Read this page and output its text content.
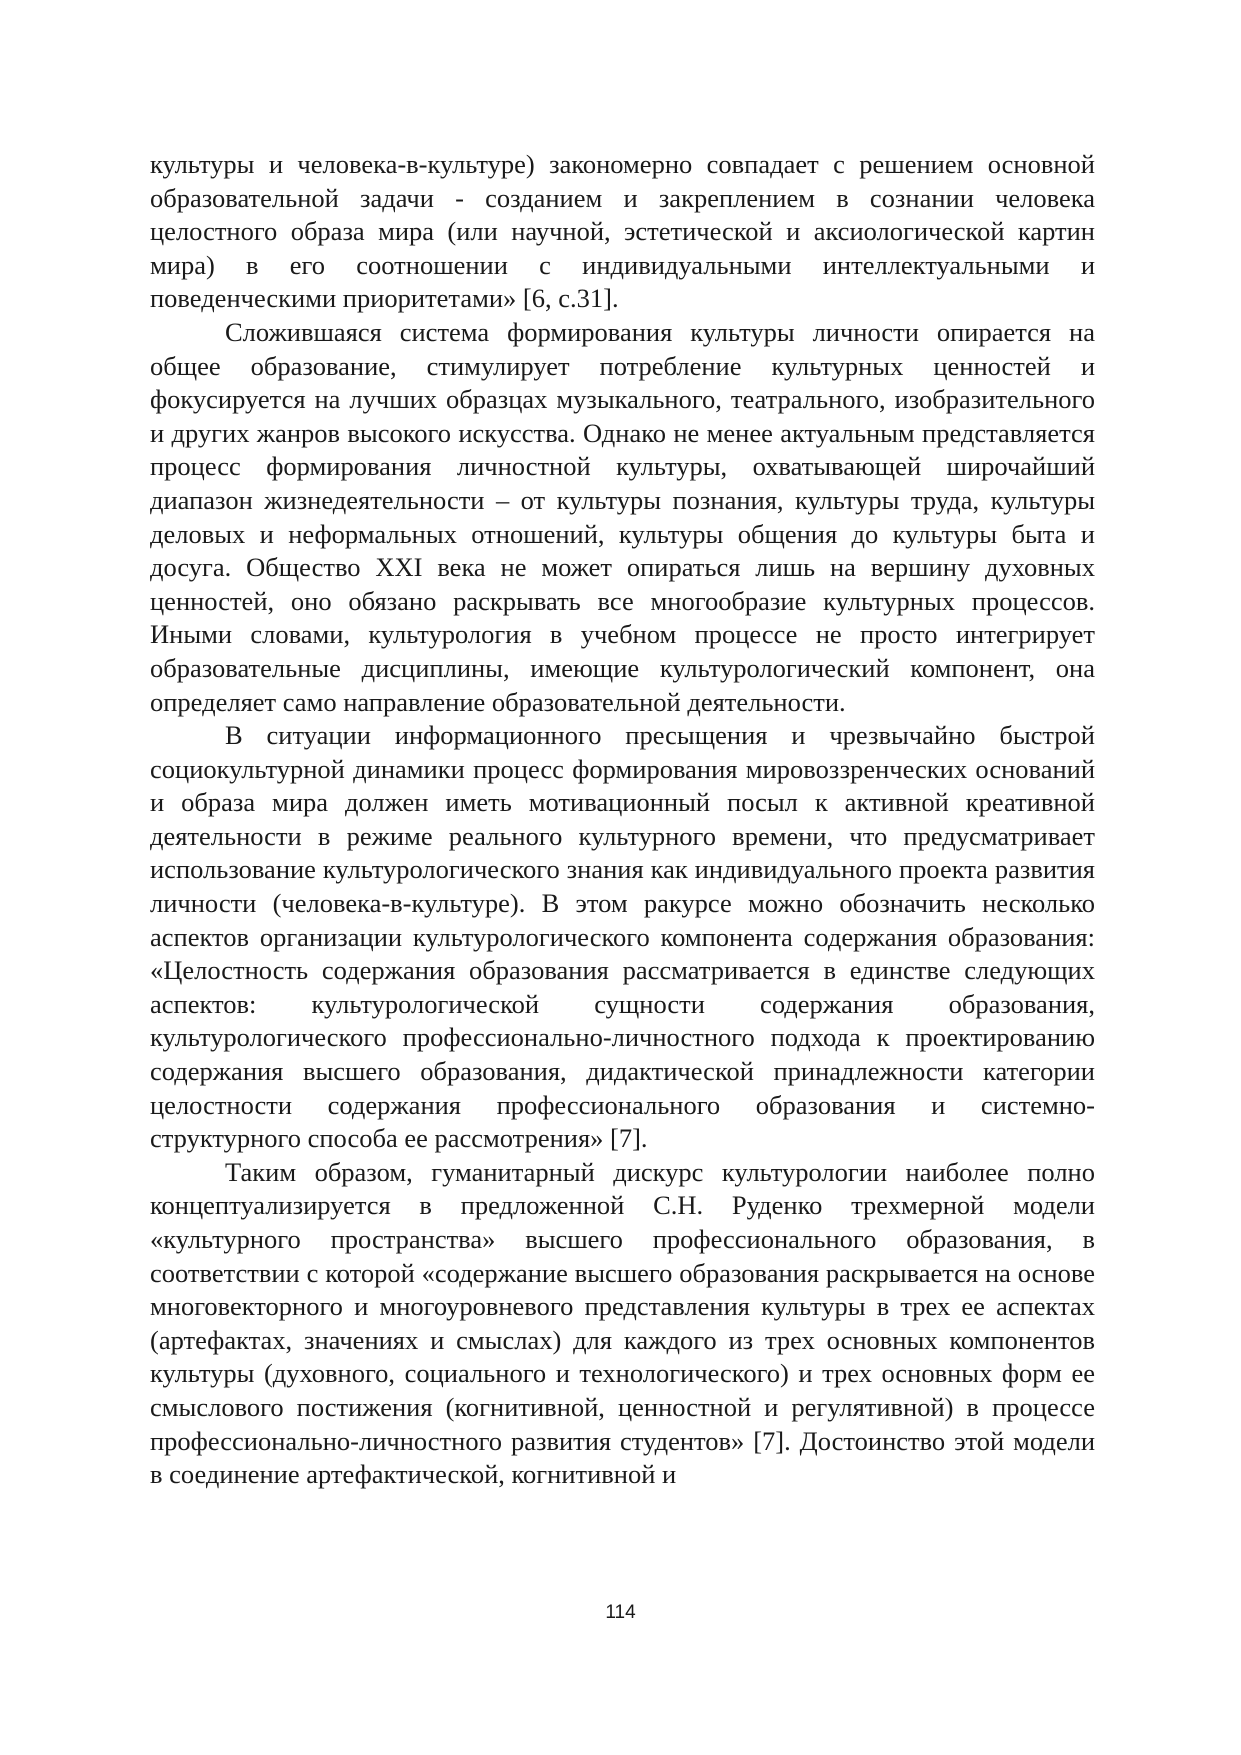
культуры и человека-в-культуре) закономерно совпадает с решением основной образовательной задачи - созданием и закреплением в сознании человека целостного образа мира (или научной, эстетической и аксиологической картин мира) в его соотношении с индивидуальными интеллектуальными и поведенческими приоритетами» [6, с.31].

Сложившаяся система формирования культуры личности опирается на общее образование, стимулирует потребление культурных ценностей и фокусируется на лучших образцах музыкального, театрального, изобразительного и других жанров высокого искусства. Однако не менее актуальным представляется процесс формирования личностной культуры, охватывающей широчайший диапазон жизнедеятельности – от культуры познания, культуры труда, культуры деловых и неформальных отношений, культуры общения до культуры быта и досуга. Общество XXI века не может опираться лишь на вершину духовных ценностей, оно обязано раскрывать все многообразие культурных процессов. Иными словами, культурология в учебном процессе не просто интегрирует образовательные дисциплины, имеющие культурологический компонент, она определяет само направление образовательной деятельности.

В ситуации информационного пресыщения и чрезвычайно быстрой социокультурной динамики процесс формирования мировоззренческих оснований и образа мира должен иметь мотивационный посыл к активной креативной деятельности в режиме реального культурного времени, что предусматривает использование культурологического знания как индивидуального проекта развития личности (человека-в-культуре). В этом ракурсе можно обозначить несколько аспектов организации культурологического компонента содержания образования: «Целостность содержания образования рассматривается в единстве следующих аспектов: культурологической сущности содержания образования, культурологического профессионально-личностного подхода к проектированию содержания высшего образования, дидактической принадлежности категории целостности содержания профессионального образования и системно-структурного способа ее рассмотрения» [7].

Таким образом, гуманитарный дискурс культурологии наиболее полно концептуализируется в предложенной С.Н. Руденко трехмерной модели «культурного пространства» высшего профессионального образования, в соответствии с которой «содержание высшего образования раскрывается на основе многовекторного и многоуровневого представления культуры в трех ее аспектах (артефактах, значениях и смыслах) для каждого из трех основных компонентов культуры (духовного, социального и технологического) и трех основных форм ее смыслового постижения (когнитивной, ценностной и регулятивной) в процессе профессионально-личностного развития студентов» [7]. Достоинство этой модели в соединение артефактической, когнитивной и

114
